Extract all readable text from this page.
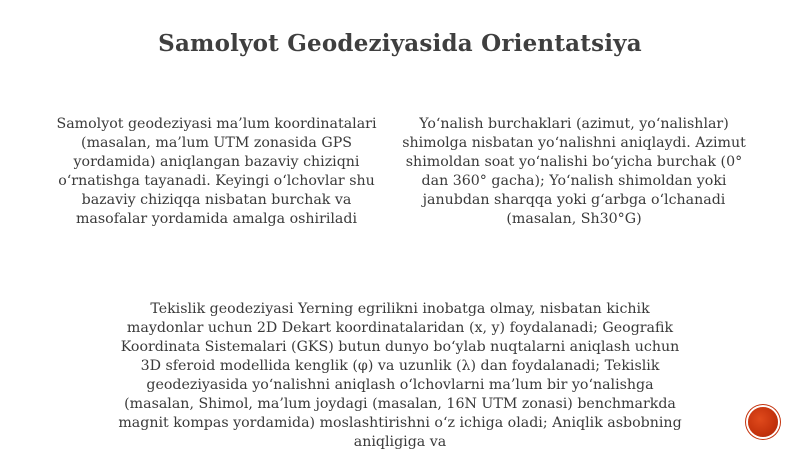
Samolyot Geodeziyasida Orientatsiya
Samolyot geodeziyasi ma’lum koordinatalari (masalan, ma’lum UTM zonasida GPS yordamida) aniqlangan bazaviy chiziqni o‘rnatishga tayanadi. Keyingi o‘lchovlar shu bazaviy chiziqqa nisbatan burchak va masofalar yordamida amalga oshiriladi
Yo‘nalish burchaklari (azimut, yo‘nalishlar) shimolga nisbatan yo‘nalishni aniqlaydi. Azimut shimoldan soat yo‘nalishi bo‘yicha burchak (0° dan 360° gacha); Yo‘nalish shimoldan yoki janubdan sharqqa yoki g‘arbga o‘lchanadi (masalan, Sh30°G)
Tekislik geodeziyasi Yerning egrilikni inobatga olmay, nisbatan kichik maydonlar uchun 2D Dekart koordinatalaridan (x, y) foydalanadi; Geografik Koordinata Sistemalari (GKS) butun dunyo bo‘ylab nuqtalarni aniqlash uchun 3D sferoid modellida kenglik (φ) va uzunlik (λ) dan foydalanadi; Tekislik geodeziyasida yo‘nalishni aniqlash o‘lchovlarni ma’lum bir yo‘nalishga (masalan, Shimol, ma’lum joydagi (masalan, 16N UTM zonasi) benchmarkda magnit kompas yordamida) moslashtirishni o‘z ichiga oladi; Aniqlik asbobning aniqligiga va
